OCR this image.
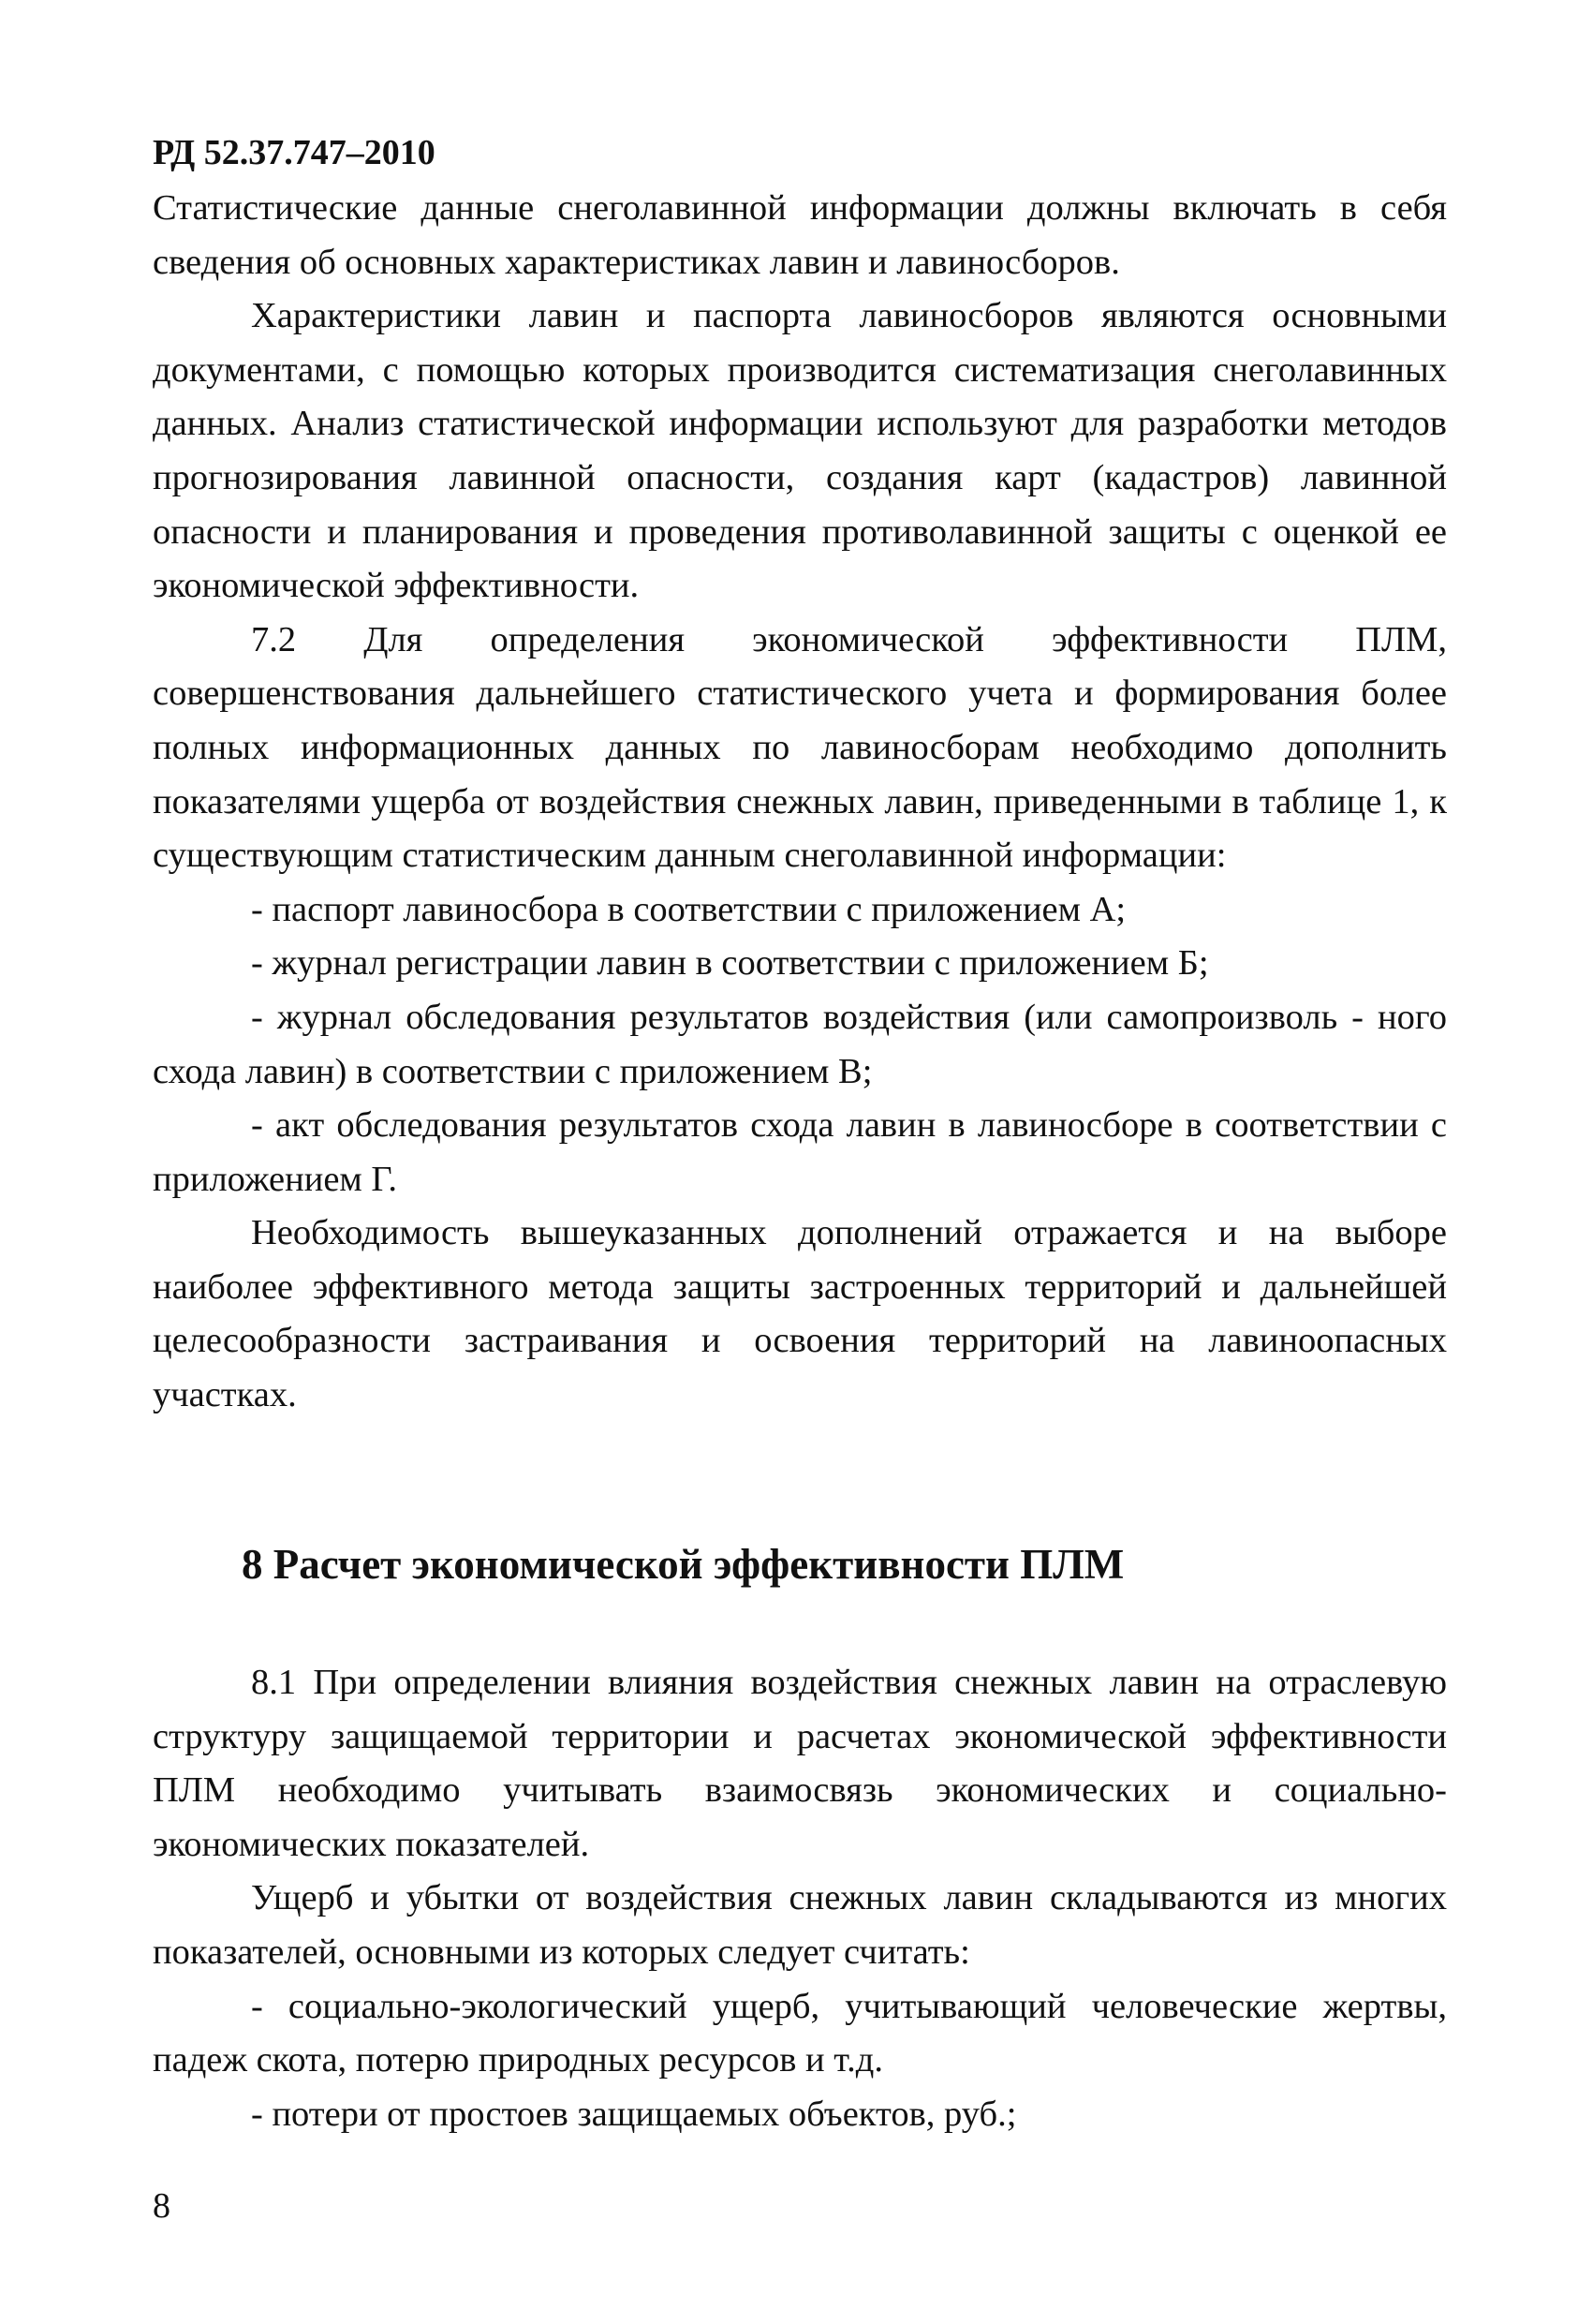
РД 52.37.747–2010

Статистические данные снеголавинной информации должны включать в себя сведения об основных характеристиках лавин и лавиносборов.

Характеристики лавин и паспорта лавиносборов являются основными документами, с помощью которых производится систематизация снеголавинных данных. Анализ статистической информации используют для разработки методов прогнозирования лавинной опасности, создания карт (кадастров) лавинной опасности и планирования и проведения противолавинной защиты с оценкой ее экономической эффективности.

7.2 Для определения экономической эффективности ПЛМ, совершенствования дальнейшего статистического учета и формирования более полных информационных данных по лавиносборам необходимо дополнить показателями ущерба от воздействия снежных лавин, приведенными в таблице 1, к существующим статистическим данным снеголавинной информации:

- паспорт лавиносбора в соответствии с приложением А;

- журнал регистрации лавин в соответствии с приложением Б;

- журнал обследования результатов воздействия (или самопроизволь - ного схода лавин) в соответствии с приложением В;

- акт обследования результатов схода лавин в лавиносборе в соответствии с приложением Г.

Необходимость вышеуказанных дополнений отражается и на выборе наиболее эффективного метода защиты застроенных территорий и дальнейшей целесообразности застраивания и освоения территорий на лавиноопасных участках.

8 Расчет экономической эффективности ПЛМ

8.1 При определении влияния воздействия снежных лавин на отраслевую структуру защищаемой территории и расчетах экономической эффективности ПЛМ необходимо учитывать взаимосвязь экономических и социально-экономических показателей.

Ущерб и убытки от воздействия снежных лавин складываются из многих показателей, основными из которых следует считать:

- социально-экологический ущерб, учитывающий человеческие жертвы, падеж скота, потерю природных ресурсов и т.д.

- потери от простоев защищаемых объектов, руб.;

8
